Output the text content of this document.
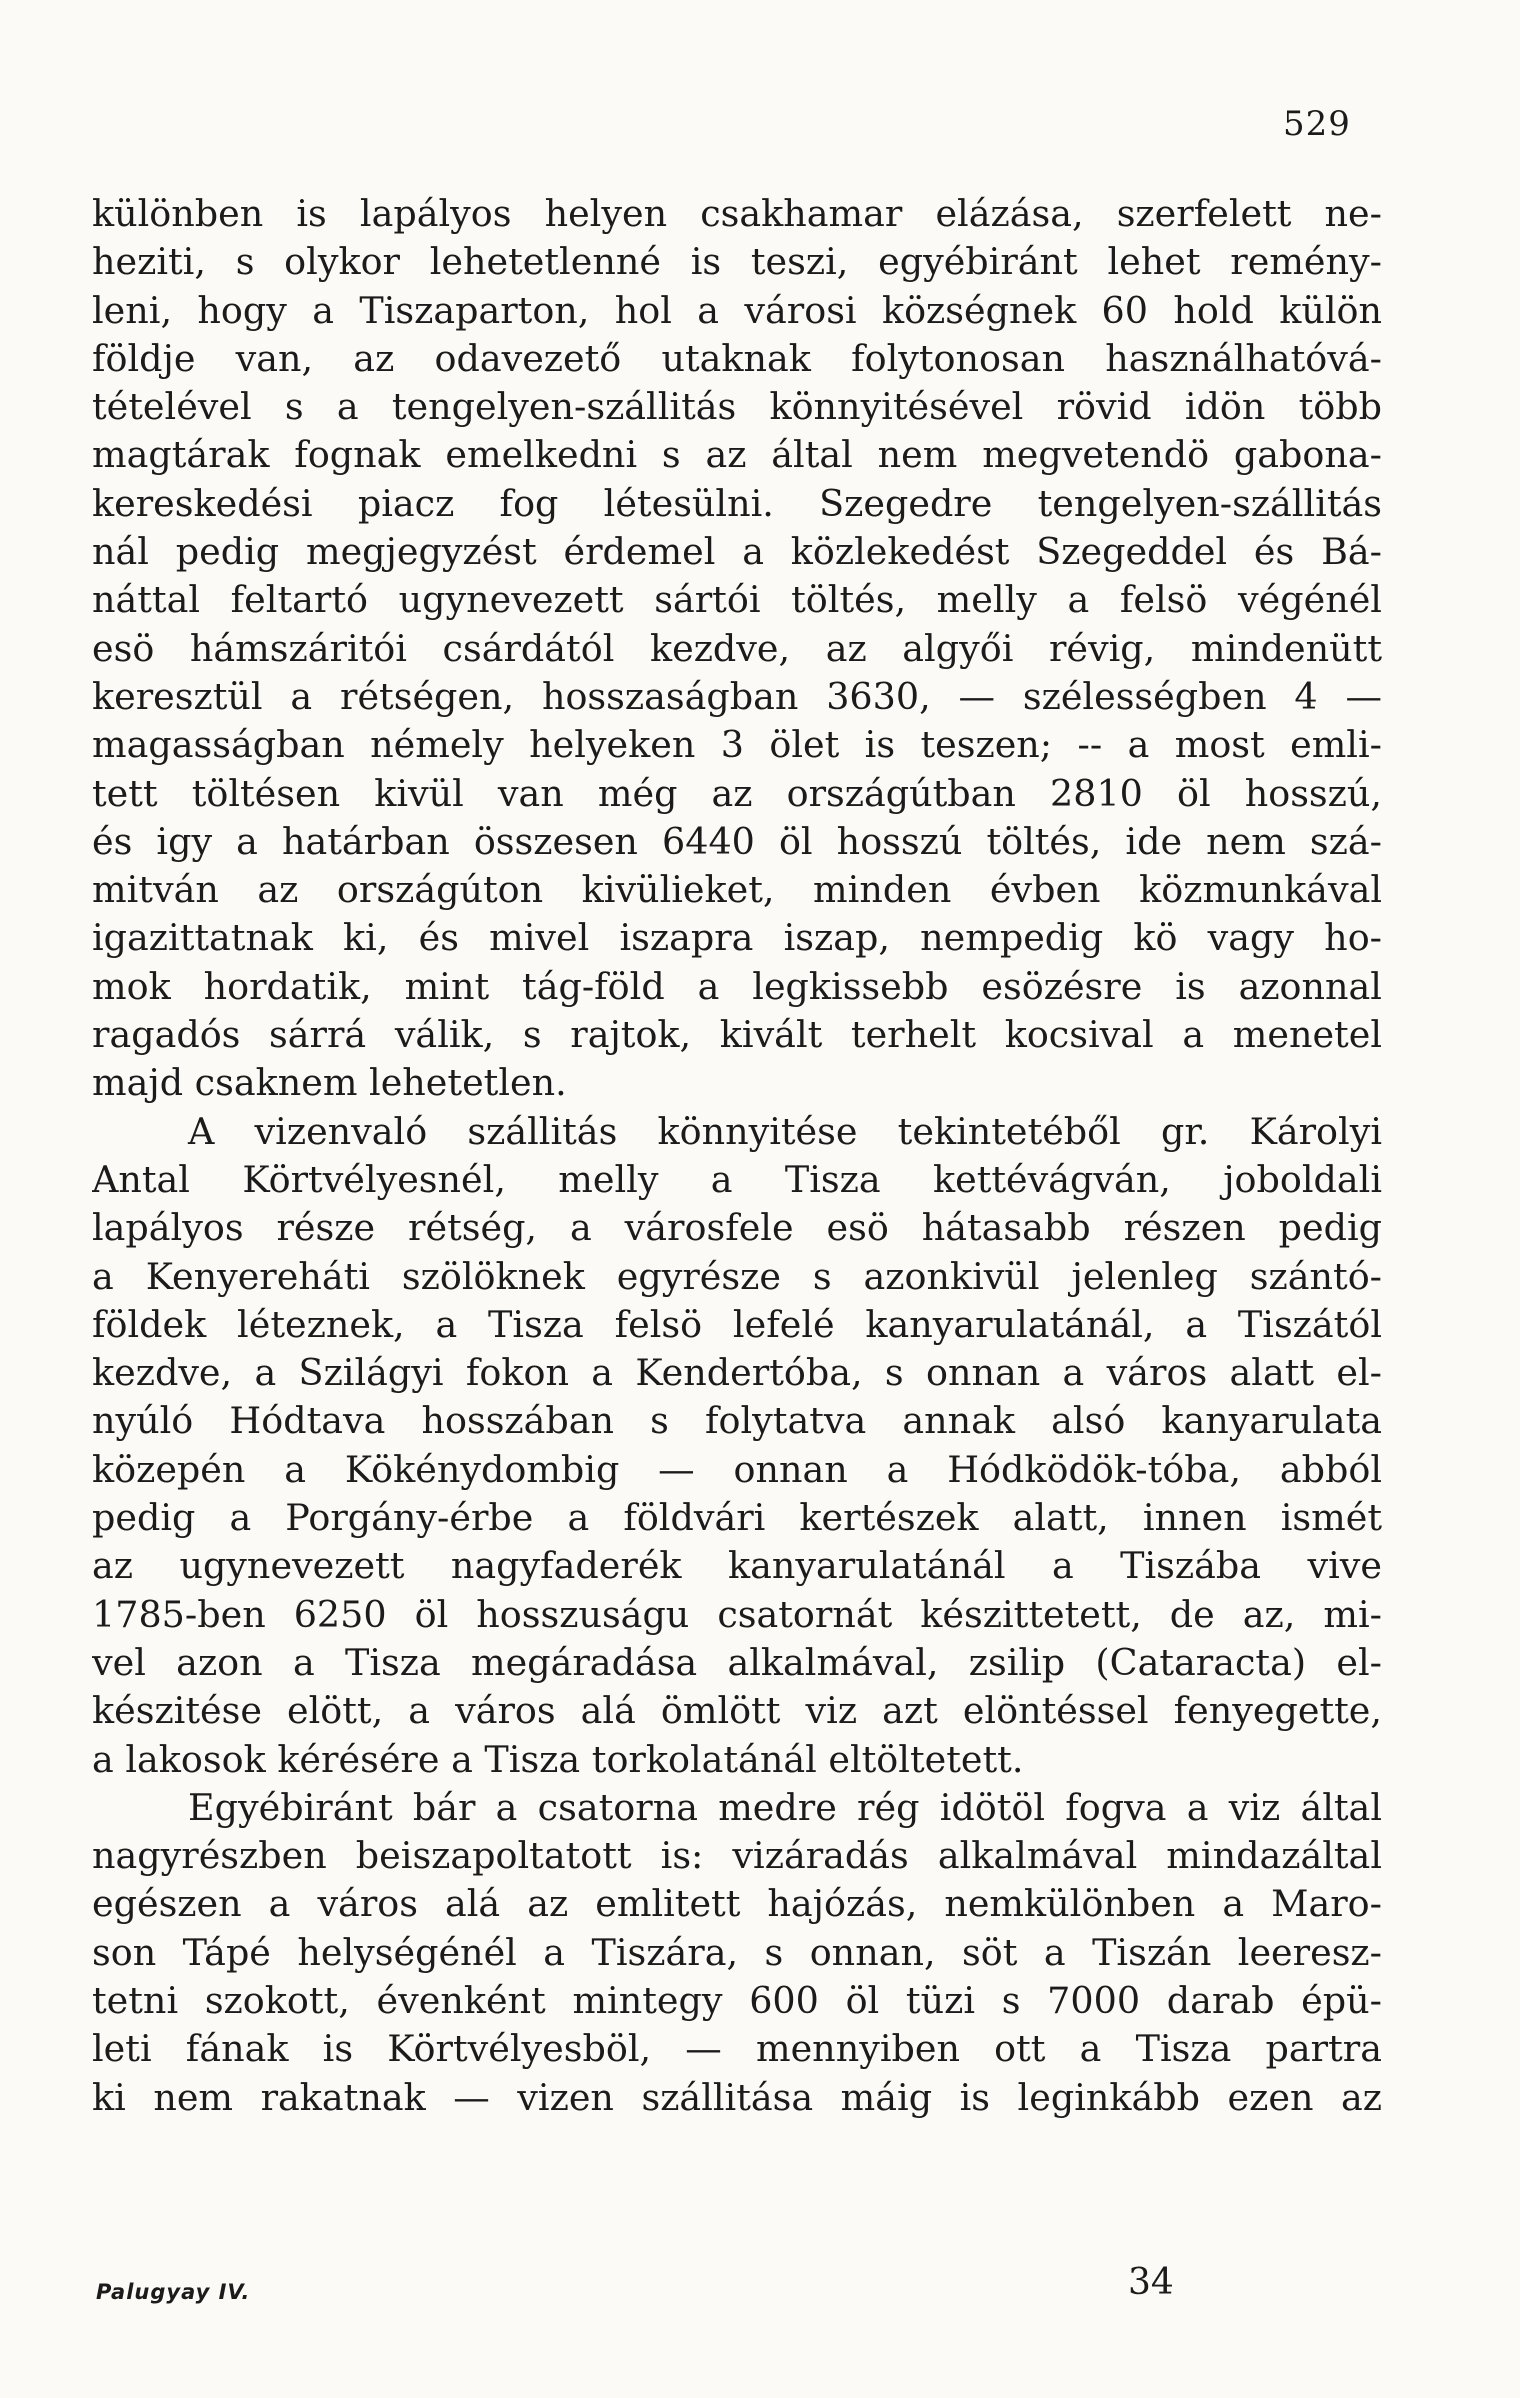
529
különben is lapályos helyen csakhamar elázása, szerfelett ne-
heziti, s olykor lehetetlenné is teszi, egyébiránt lehet remény-
leni, hogy a Tiszaparton, hol a városi községnek 60 hold külön
földje van, az odavezető utaknak folytonosan használhatóvá-
tételével s a tengelyen-szállitás könnyitésével rövid idön több
magtárak fognak emelkedni s az által nem megvetendö gabona-
kereskedési piacz fog létesülni. Szegedre tengelyen-szállitás
nál pedig megjegyzést érdemel a közlekedést Szegeddel és Bá-
náttal feltartó ugynevezett sártói töltés, melly a felsö végénél
esö hámszáritói csárdától kezdve, az algyői révig, mindenütt
keresztül a rétségen, hosszaságban 3630, — szélességben 4 —
magasságban némely helyeken 3 ölet is teszen; -- a most emli-
tett töltésen kivül van még az országútban 2810 öl hosszú,
és igy a határban összesen 6440 öl hosszú töltés, ide nem szá-
mitván az országúton kivülieket, minden évben közmunkával
igazittatnak ki, és mivel iszapra iszap, nempedig kö vagy ho-
mok hordatik, mint tág-föld a legkissebb esözésre is azonnal
ragadós sárrá válik, s rajtok, kivált terhelt kocsival a menetel
majd csaknem lehetetlen.
A vizenvaló szállitás könnyitése tekintetéből gr. Károlyi
Antal Körtvélyesnél, melly a Tisza kettévágván, joboldali
lapályos része rétség, a városfele esö hátasabb részen pedig
a Kenyereháti szölöknek egyrésze s azonkivül jelenleg szántó-
földek léteznek, a Tisza felsö lefelé kanyarulatánál, a Tiszától
kezdve, a Szilágyi fokon a Kendertóba, s onnan a város alatt el-
nyúló Hódtava hosszában s folytatva annak alsó kanyarulata
közepén a Kökénydombig — onnan a Hódködök-tóba, abból
pedig a Porgány-érbe a földvári kertészek alatt, innen ismét
az ugynevezett nagyfaderék kanyarulatánál a Tiszába vive
1785-ben 6250 öl hosszuságu csatornát készittetett, de az, mi-
vel azon a Tisza megáradása alkalmával, zsilip (Cataracta) el-
készitése elött, a város alá ömlött viz azt elöntéssel fenyegette,
a lakosok kérésére a Tisza torkolatánál eltöltetett.
Egyébiránt bár a csatorna medre rég idötöl fogva a viz által
nagyrészben beiszapoltatott is: vizáradás alkalmával mindazáltal
egészen a város alá az emlitett hajózás, nemkülönben a Maro-
son Tápé helységénél a Tiszára, s onnan, söt a Tiszán leeresz-
tetni szokott, évenként mintegy 600 öl tüzi s 7000 darab épü-
leti fának is Körtvélyesböl, — mennyiben ott a Tisza partra
ki nem rakatnak — vizen szállitása máig is leginkább ezen az
Palugyay IV.	34
